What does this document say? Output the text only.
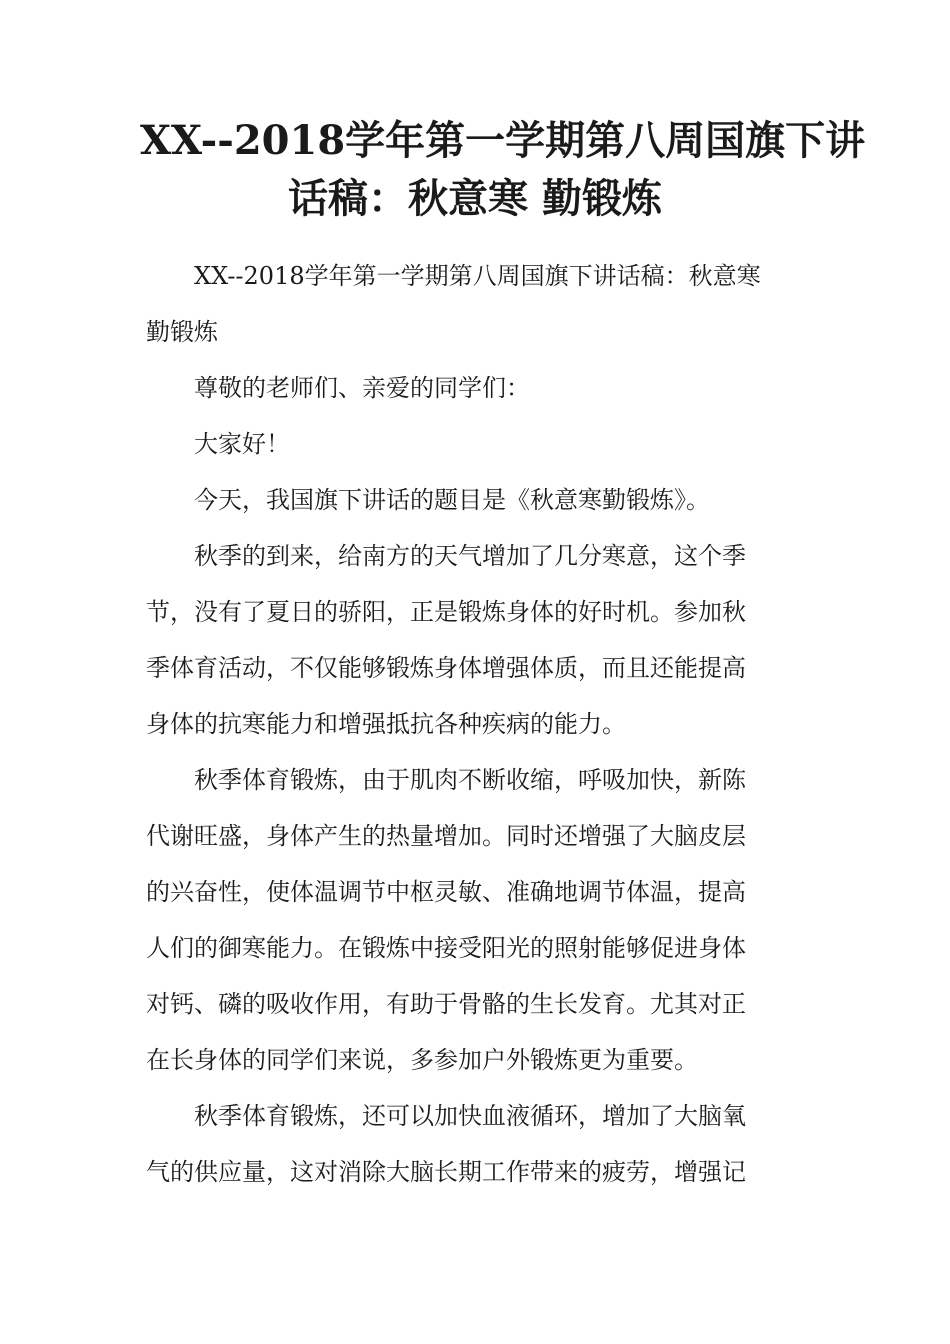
XX--2018学年第一学期第八周国旗下讲
话稿：秋意寒 勤锻炼

XX--2018学年第一学期第八周国旗下讲话稿：秋意寒
勤锻炼

尊敬的老师们、亲爱的同学们：

大家好！

今天，我国旗下讲话的题目是《秋意寒勤锻炼》。

秋季的到来，给南方的天气增加了几分寒意，这个季
节，没有了夏日的骄阳，正是锻炼身体的好时机。参加秋
季体育活动，不仅能够锻炼身体增强体质，而且还能提高
身体的抗寒能力和增强抵抗各种疾病的能力。

秋季体育锻炼，由于肌肉不断收缩，呼吸加快，新陈
代谢旺盛，身体产生的热量增加。同时还增强了大脑皮层
的兴奋性，使体温调节中枢灵敏、准确地调节体温，提高
人们的御寒能力。在锻炼中接受阳光的照射能够促进身体
对钙、磷的吸收作用，有助于骨骼的生长发育。尤其对正
在长身体的同学们来说，多参加户外锻炼更为重要。

秋季体育锻炼，还可以加快血液循环，增加了大脑氧
气的供应量，这对消除大脑长期工作带来的疲劳，增强记
